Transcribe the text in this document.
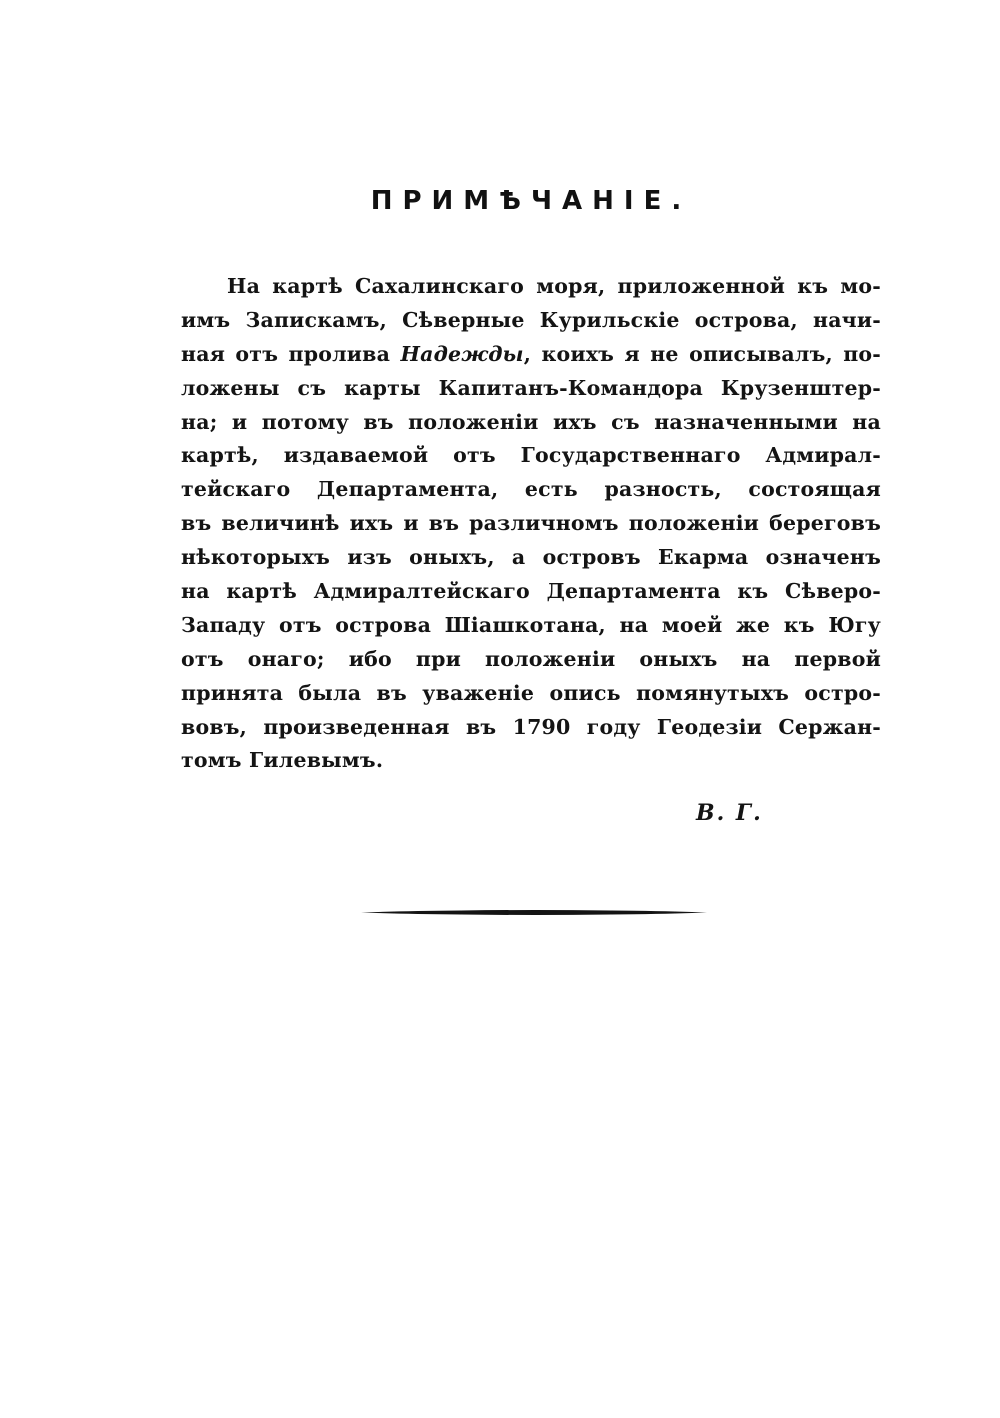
ПРИМѢЧАНІЕ.
На картѣ Сахалинскаго моря, приложенной къ мо-
имъ Запискамъ, Сѣверные Курильскіе острова, начи-
ная отъ пролива Надежды, коихъ я не описывалъ, по-
ложены съ карты Капитанъ-Командора Крузенштер-
на; и потому въ положеніи ихъ съ назначенными на
картѣ, издаваемой отъ Государственнаго Адмирал-
тейскаго Департамента, есть разность, состоящая
въ величинѣ ихъ и въ различномъ положеніи береговъ
нѣкоторыхъ изъ оныхъ, а островъ Екарма означенъ
на картѣ Адмиралтейскаго Департамента къ Сѣверо-
Западу отъ острова Шіашкотана, на моей же къ Югу
отъ онаго; ибо при положеніи оныхъ на первой
принята была въ уваженіе опись помянутыхъ остро-
вовъ, произведенная въ 1790 году Геодезіи Сержан-
томъ Гилевымъ.

В. Г.
